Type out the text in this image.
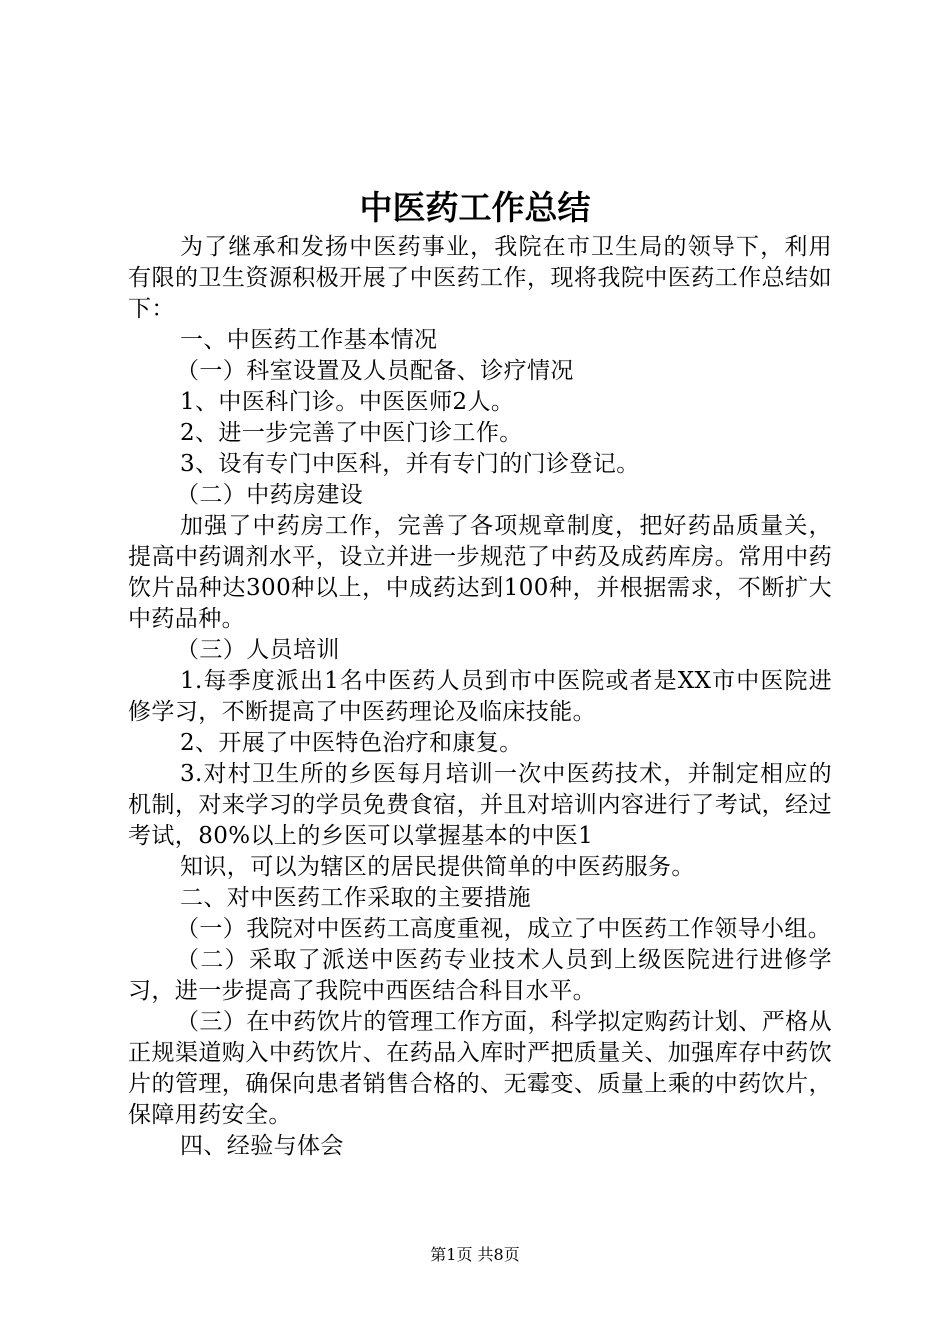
中医药工作总结

为了继承和发扬中医药事业，我院在市卫生局的领导下，利用有限的卫生资源积极开展了中医药工作，现将我院中医药工作总结如下：

一、中医药工作基本情况

（一）科室设置及人员配备、诊疗情况

1、中医科门诊。中医医师2人。

2、进一步完善了中医门诊工作。

3、设有专门中医科，并有专门的门诊登记。

（二）中药房建设

加强了中药房工作，完善了各项规章制度，把好药品质量关，提高中药调剂水平，设立并进一步规范了中药及成药库房。常用中药饮片品种达300种以上，中成药达到100种，并根据需求，不断扩大中药品种。

（三）人员培训

1.每季度派出1名中医药人员到市中医院或者是XX市中医院进修学习，不断提高了中医药理论及临床技能。

2、开展了中医特色治疗和康复。

3.对村卫生所的乡医每月培训一次中医药技术，并制定相应的机制，对来学习的学员免费食宿，并且对培训内容进行了考试，经过考试，80%以上的乡医可以掌握基本的中医1

知识，可以为辖区的居民提供简单的中医药服务。

二、对中医药工作采取的主要措施

（一）我院对中医药工高度重视，成立了中医药工作领导小组。

（二）采取了派送中医药专业技术人员到上级医院进行进修学习，进一步提高了我院中西医结合科目水平。

（三）在中药饮片的管理工作方面，科学拟定购药计划、严格从正规渠道购入中药饮片、在药品入库时严把质量关、加强库存中药饮片的管理，确保向患者销售合格的、无霉变、质量上乘的中药饮片，保障用药安全。

四、经验与体会

第1页 共8页
